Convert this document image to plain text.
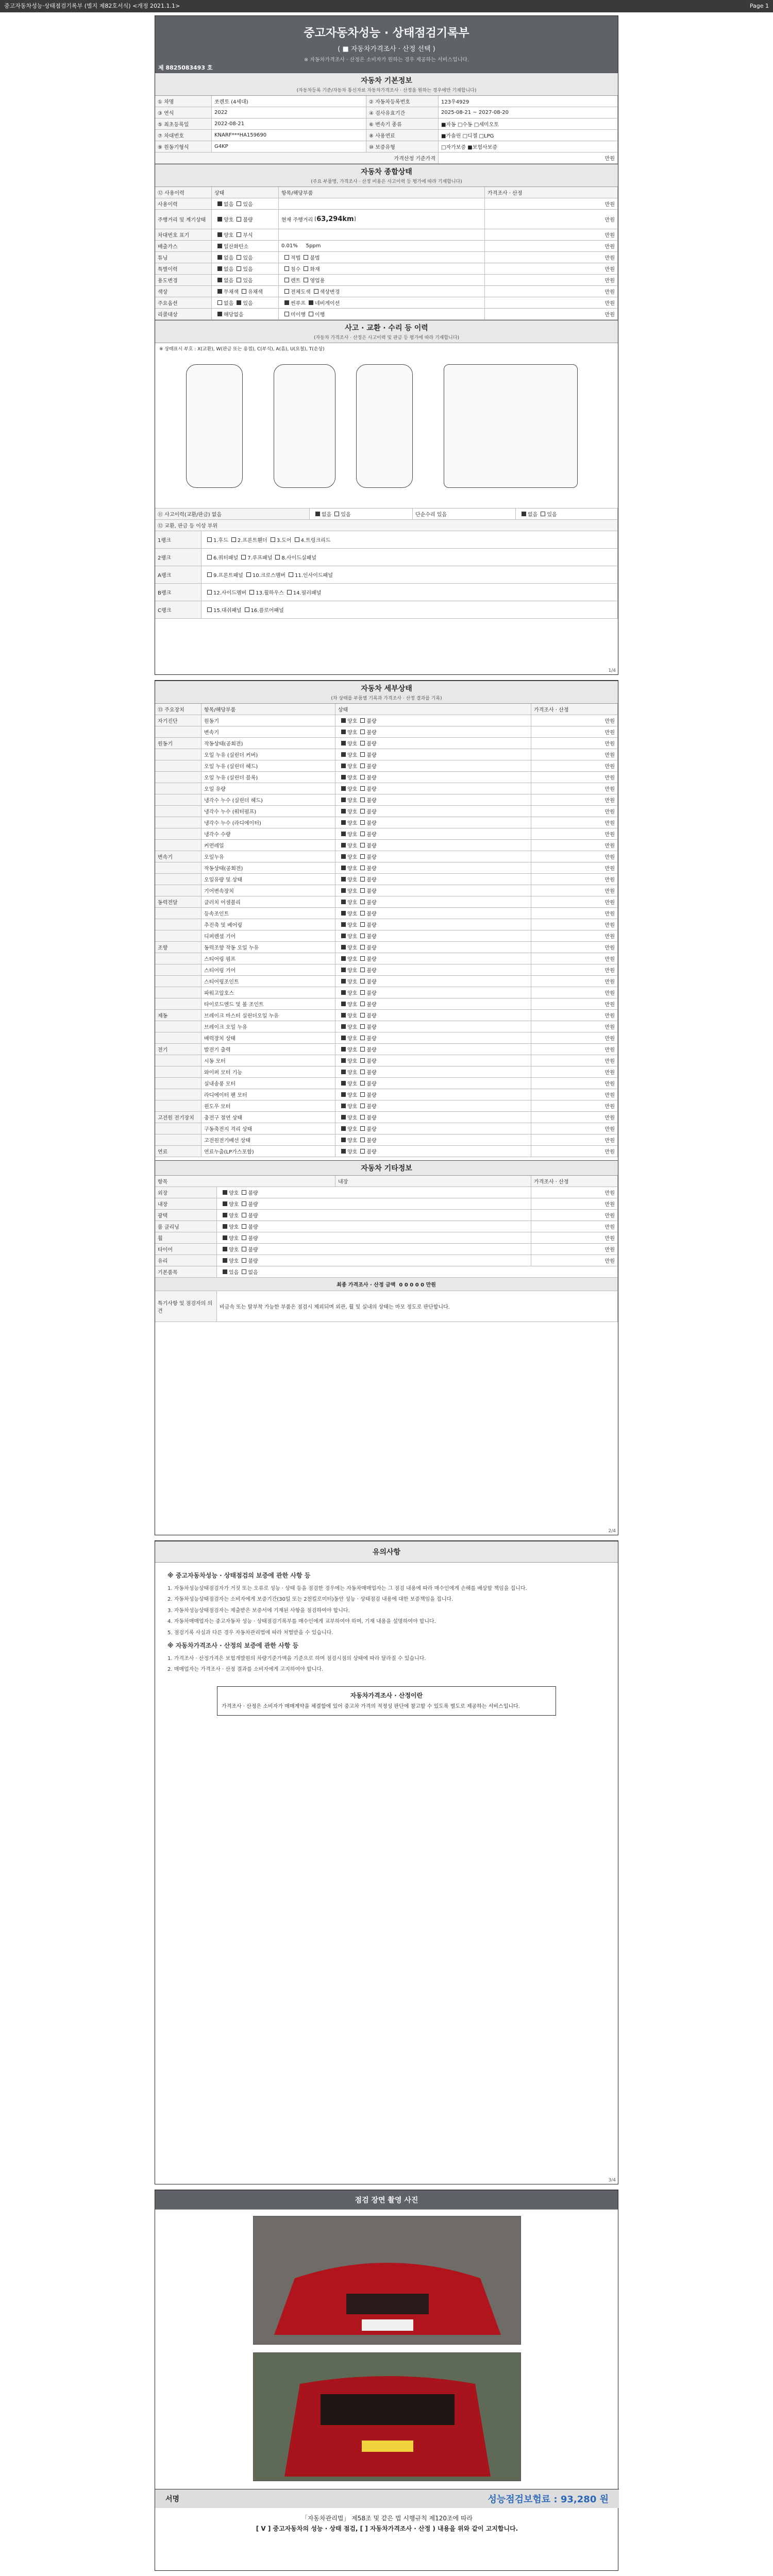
중고자동차성능·상태점검기록부 (별지 제82호서식) <개정 2021.1.1>	Page 1
중고자동차성능 · 상태점검기록부
( ■ 자동차가격조사 · 산정 선택 )
※ 자동차가격조사 · 산정은 소비자가 원하는 경우 제공하는 서비스입니다.
제 8825083493 호
자동차 기본정보
(자동차등록 기준/자동차 통신자료 자동차가격조사 · 산정을 원하는 경우에만 기재합니다)
① 차명	쏘렌토 (4세대)	② 자동차등록번호	123우4929
③ 연식	2022	④ 검사유효기간	2025-08-21 ~ 2027-08-20
⑤ 최초등록일	2022-08-21	⑥ 변속기 종류	■자동 □수동 □세미오토
⑦ 차대번호	KNARF***HA159690	⑧ 사용연료	■가솔린 □디젤 □LPG
⑨ 원동기형식	G4KP	⑩ 보증유형	□자가보증 ■보험사보증
가격산정 기준가격	만원
자동차 종합상태
(주요 부품명, 가격조사 · 산정 비용은 사고이력 등 평가에 따라 기재합니다)
⑫ 사용이력	상태	항목/해당부품	가격조사 · 산정
사용이력	없음 있음	만원
주행거리 및 계기상태	양호 불량	현재 주행거리 [ 63,294km ]	만원
차대번호 표기	양호 부식	만원
배출가스	일산화탄소	0.01%     5ppm	만원
튜닝	없음 있음	적법 불법	만원
특별이력	없음 있음	침수 화재	만원
용도변경	없음 있음	렌트 영업용	만원
색상	무채색 유채색	전체도색 색상변경	만원
주요옵션	없음 있음	썬루프 네비게이션	만원
리콜대상	해당없음	미이행 이행	만원
사고 · 교환 · 수리 등 이력
(자동차 가격조사 · 산정은 사고이력 및 판금 등 평가에 따라 기재합니다)
※ 상태표시 부호 : X(교환), W(판금 또는 용접), C(부식), A(흠), U(요철), T(손상)
⑪ 사고이력(교환/판금) 없음	없음 있음	단순수리 있음	없음 있음
⑫ 교환, 판금 등 이상 부위
1랭크	1.후드 2.프론트휀더 3.도어 4.트렁크리드
2랭크	6.쿼터패널 7.루프패널 8.사이드실패널
A랭크	9.프론트패널 10.크로스멤버 11.인사이드패널
B랭크	12.사이드멤버 13.휠하우스 14.필러패널
C랭크	15.대쉬패널 16.플로어패널
1/4
자동차 세부상태
(차 상태를 부품별 기록과 가격조사 · 산정 결과를 기록)
⑬ 주요장치	항목/해당부품	상태	가격조사 · 산정
자기진단	원동기	양호 불량	만원
변속기	양호 불량	만원
원동기	작동상태(공회전)	양호 불량	만원
오일 누유 (실린더 커버)	양호 불량	만원
오일 누유 (실린더 헤드)	양호 불량	만원
오일 누유 (실린더 블록)	양호 불량	만원
오일 유량	양호 불량	만원
냉각수 누수 (실린더 헤드)	양호 불량	만원
냉각수 누수 (워터펌프)	양호 불량	만원
냉각수 누수 (라디에이터)	양호 불량	만원
냉각수 수량	양호 불량	만원
커먼레일	양호 불량	만원
변속기	오일누유	양호 불량	만원
작동상태(공회전)	양호 불량	만원
오일유량 및 상태	양호 불량	만원
기어변속장치	양호 불량	만원
동력전달	클러치 어셈블리	양호 불량	만원
등속조인트	양호 불량	만원
추진축 및 베어링	양호 불량	만원
디퍼렌셜 기어	양호 불량	만원
조향	동력조향 작동 오일 누유	양호 불량	만원
스티어링 펌프	양호 불량	만원
스티어링 기어	양호 불량	만원
스티어링조인트	양호 불량	만원
파워고압호스	양호 불량	만원
타이로드엔드 및 볼 조인트	양호 불량	만원
제동	브레이크 마스터 실린더오일 누유	양호 불량	만원
브레이크 오일 누유	양호 불량	만원
배력장치 상태	양호 불량	만원
전기	발전기 출력	양호 불량	만원
시동 모터	양호 불량	만원
와이퍼 모터 기능	양호 불량	만원
실내송풍 모터	양호 불량	만원
라디에이터 팬 모터	양호 불량	만원
윈도우 모터	양호 불량	만원
고전원 전기장치	충전구 절연 상태	양호 불량	만원
구동축전지 격리 상태	양호 불량	만원
고전원전기배선 상태	양호 불량	만원
연료	연료누출(LP가스포함)	양호 불량	만원
자동차 기타정보
항목	내장	가격조사 · 산정
외장	양호 불량	만원
내장	양호 불량	만원
광택	양호 불량	만원
룸 클리닝	양호 불량	만원
휠	양호 불량	만원
타이어	양호 불량	만원
유리	양호 불량	만원
기본품목	있음 없음
최종 가격조사 · 산정 금액
0 0 0 0 0 만원
특기사항 및 점검자의 의견
비금속 또는 탈부착 가능한 부품은 점검시 제외되며 외관, 휠 및 실내의 상태는 마모 정도로 판단합니다.
2/4
유의사항
※ 중고자동차성능 · 상태점검의 보증에 관한 사항 등

1. 자동차성능상태점검자가 거짓 또는 오류로 성능 · 상태 등을 점검한 경우에는 자동차매매업자는 그 점검 내용에 따라 매수인에게 손해를 배상할 책임을 집니다.

2. 자동차성능상태점검자는 소비자에게 보증기간(30일 또는 2천킬로미터)동안 성능 · 상태점검 내용에 대한 보증책임을 집니다.

3. 자동차성능상태점검자는 제출받은 보증서에 기재된 사항을 점검하여야 합니다.

4. 자동차매매업자는 중고자동차 성능 · 상태점검기록부를 매수인에게 교부하여야 하며, 기재 내용을 설명하여야 합니다.

5. 점검기록 사실과 다른 경우 자동차관리법에 따라 처벌받을 수 있습니다.

※ 자동차가격조사 · 산정의 보증에 관한 사항 등

1. 가격조사 · 산정가격은 보험개발원의 차량기준가액을 기준으로 하며 점검시점의 상태에 따라 달라질 수 있습니다.

2. 매매업자는 가격조사 · 산정 결과를 소비자에게 고지하여야 합니다.

자동차가격조사 · 산정이란
가격조사 · 산정은 소비자가 매매계약을 체결함에 있어 중고차 가격의 적정성 판단에 참고할 수 있도록 별도로 제공하는 서비스입니다.
3/4
점검 장면 촬영 사진
서명	성능점검보험료 : 93,280 원
「자동차관리법」 제58조 및 같은 법 시행규칙 제120조에 따라
[ V ] 중고자동차의 성능 · 상태 점검, [ ] 자동차가격조사 · 산정 ) 내용을 위와 같이 고지합니다.
